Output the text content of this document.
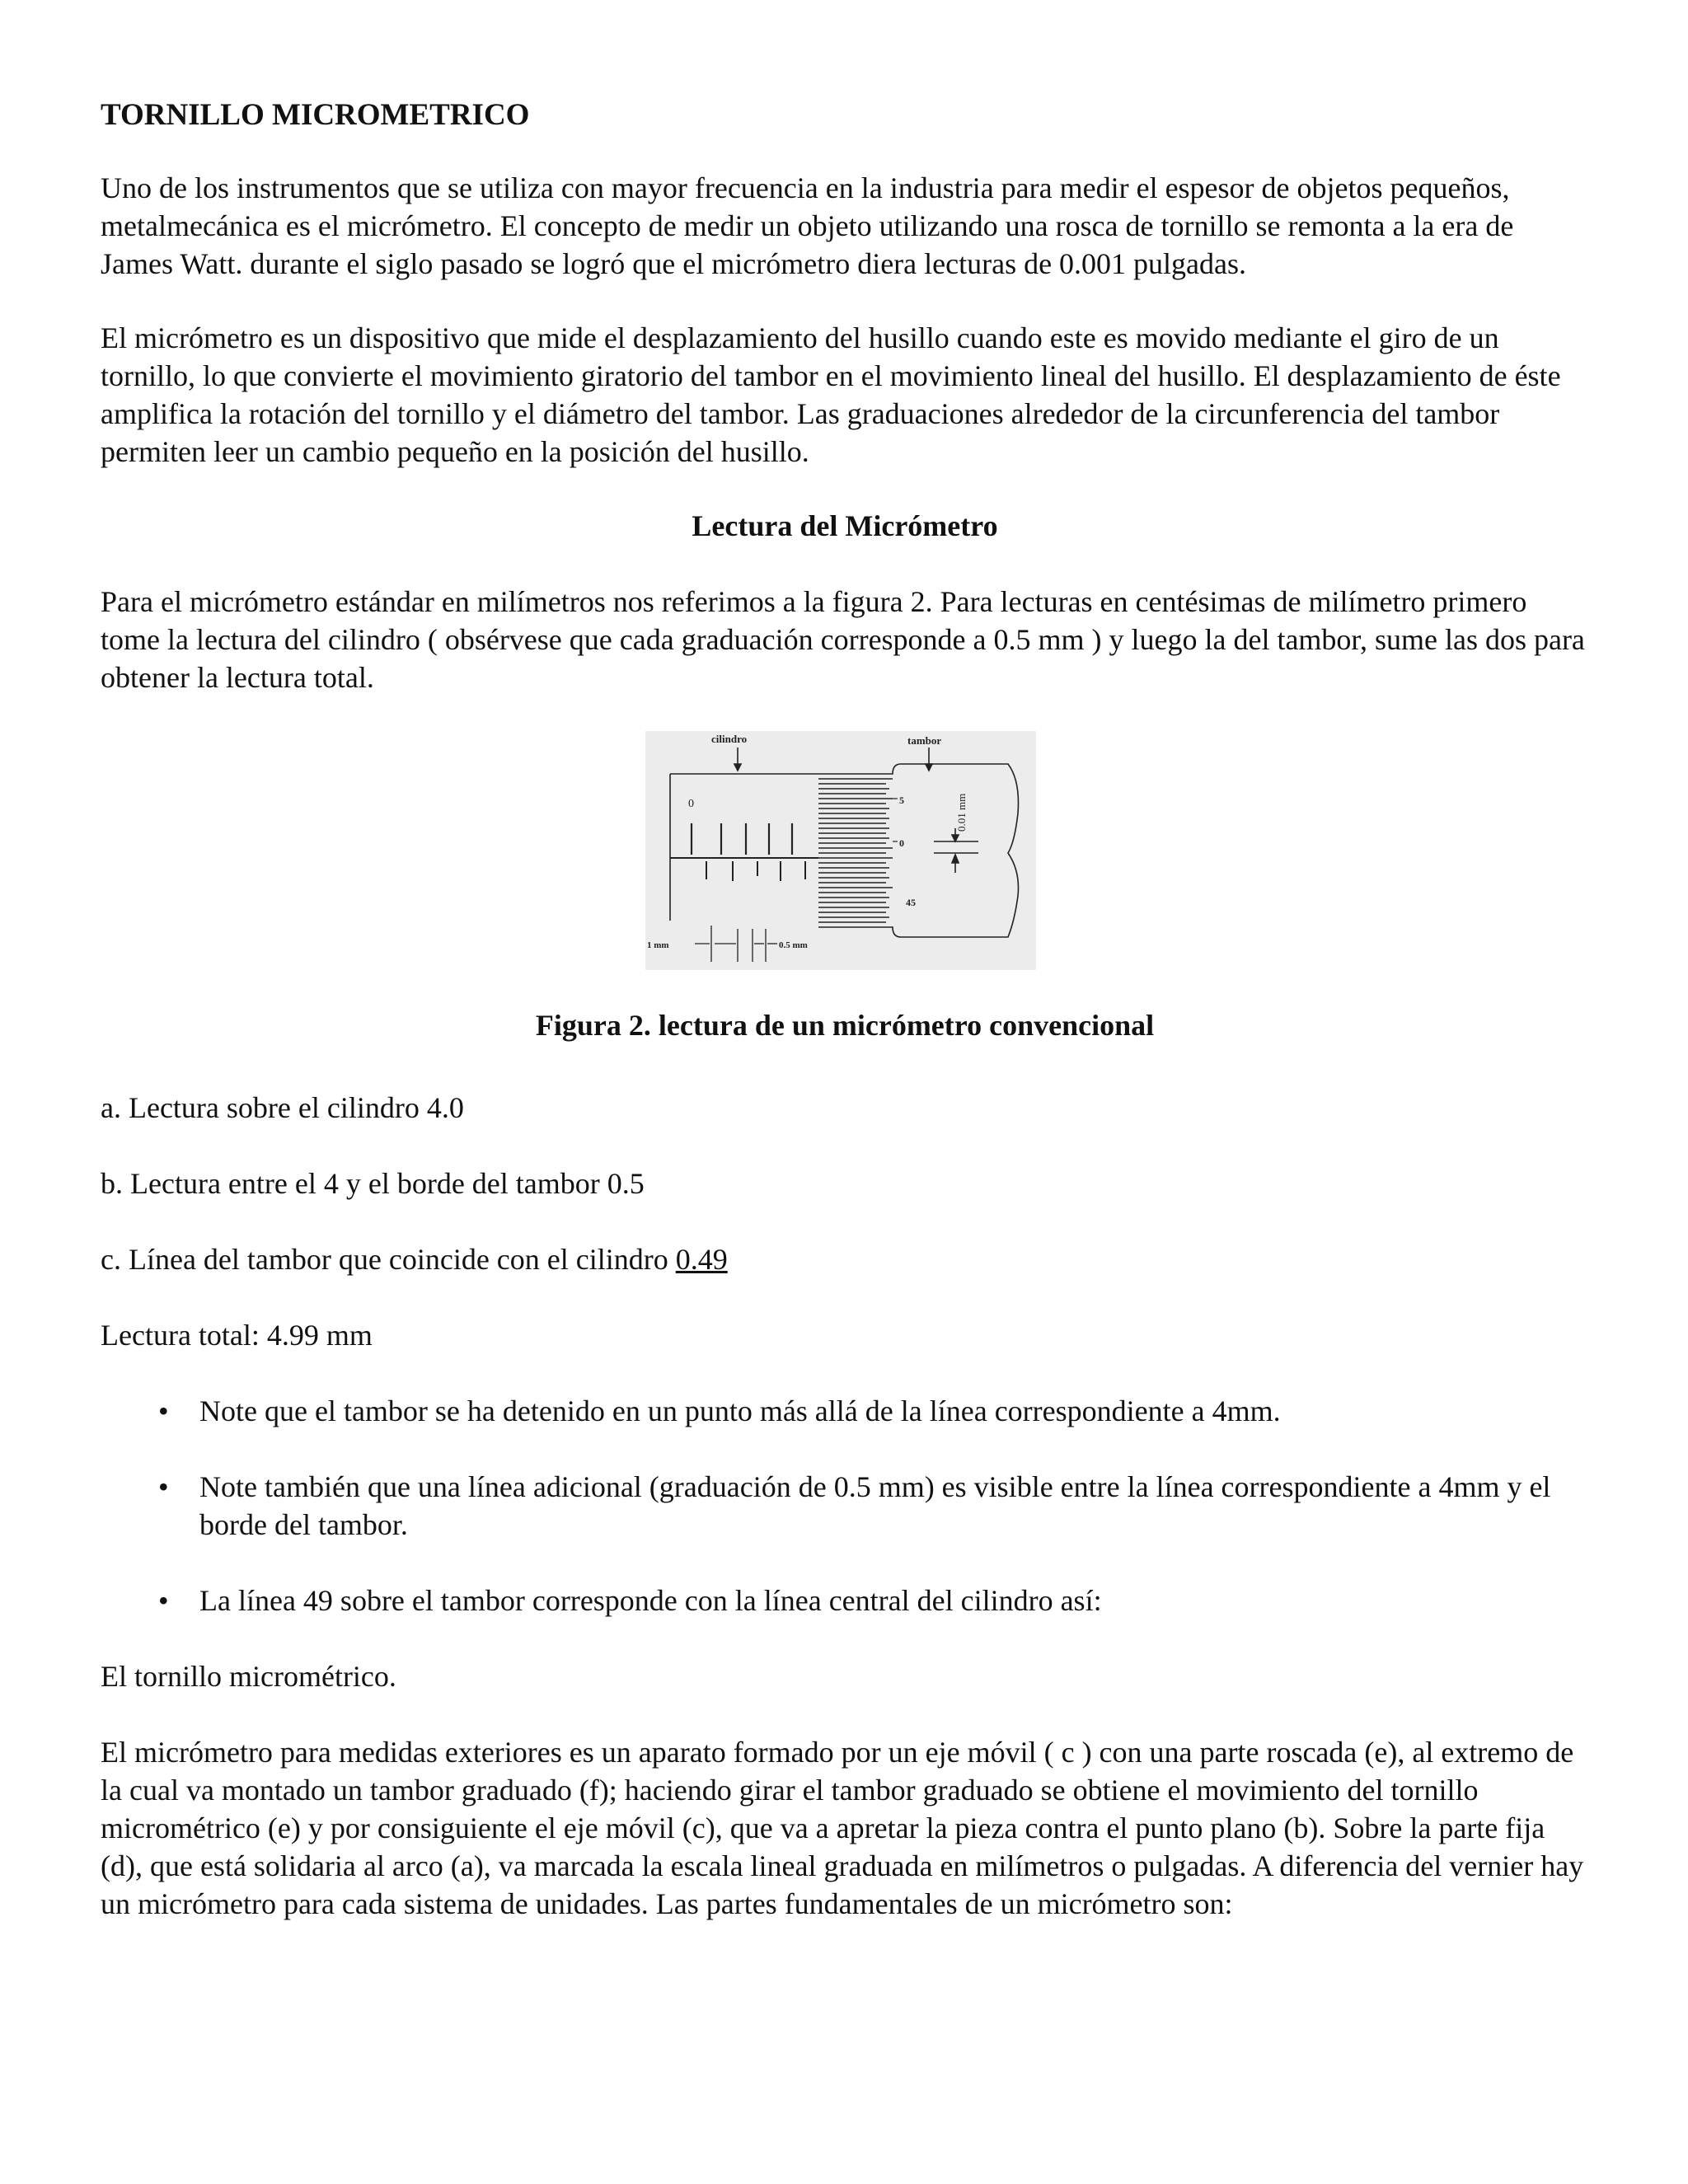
TORNILLO MICROMETRICO

Uno de los instrumentos que se utiliza con mayor frecuencia en la industria para medir el espesor de objetos pequeños, metalmecánica es el micrómetro. El concepto de medir un objeto utilizando una rosca de tornillo se remonta a la era de James Watt. durante el siglo pasado se logró que el micrómetro diera lecturas de 0.001 pulgadas.

El micrómetro es un dispositivo que mide el desplazamiento del husillo cuando este es movido mediante el giro de un tornillo, lo que convierte el movimiento giratorio del tambor en el movimiento lineal del husillo. El desplazamiento de éste amplifica la rotación del tornillo y el diámetro del tambor. Las graduaciones alrededor de la circunferencia del tambor permiten leer un cambio pequeño en la posición del husillo.

Lectura del Micrómetro

Para el micrómetro estándar en milímetros nos referimos a la figura 2. Para lecturas en centésimas de milímetro primero tome la lectura del cilindro ( obsérvese que cada graduación corresponde a 0.5 mm ) y luego la del tambor, sume las dos para obtener la lectura total.

cilindro	tambor
0	5
0
45
0.01 mm
1 mm	0.5 mm
Figura 2. lectura de un micrómetro convencional

a. Lectura sobre el cilindro 4.0

b. Lectura entre el 4 y el borde del tambor 0.5

c. Línea del tambor que coincide con el cilindro 0.49

Lectura total: 4.99 mm

• Note que el tambor se ha detenido en un punto más allá de la línea correspondiente a 4mm.
• Note también que una línea adicional (graduación de 0.5 mm) es visible entre la línea correspondiente a 4mm y el borde del tambor.
• La línea 49 sobre el tambor corresponde con la línea central del cilindro así:

El tornillo micrométrico.

El micrómetro para medidas exteriores es un aparato formado por un eje móvil ( c ) con una parte roscada (e), al extremo de la cual va montado un tambor graduado (f); haciendo girar el tambor graduado se obtiene el movimiento del tornillo micrométrico (e) y por consiguiente el eje móvil (c), que va a apretar la pieza contra el punto plano (b). Sobre la parte fija (d), que está solidaria al arco (a), va marcada la escala lineal graduada en milímetros o pulgadas. A diferencia del vernier hay un micrómetro para cada sistema de unidades. Las partes fundamentales de un micrómetro son:
